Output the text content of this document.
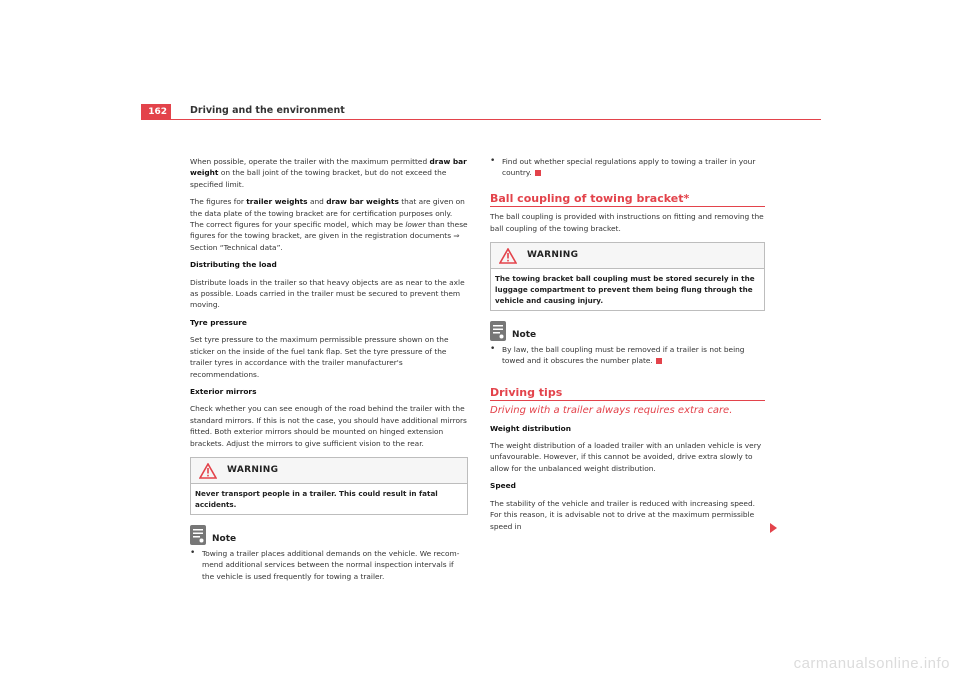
162	Driving and the environment

When possible, operate the trailer with the maximum permitted draw bar weight on the ball joint of the towing bracket, but do not exceed the specified limit.

The figures for trailer weights and draw bar weights that are given on the data plate of the towing bracket are for certification purposes only. The correct figures for your specific model, which may be lower than these figures for the towing bracket, are given in the registration documents ⇒ Section “Technical data”.

Distributing the load

Distribute loads in the trailer so that heavy objects are as near to the axle as possible. Loads carried in the trailer must be secured to prevent them moving.

Tyre pressure

Set tyre pressure to the maximum permissible pressure shown on the sticker on the inside of the fuel tank flap. Set the tyre pressure of the trailer tyres in accordance with the trailer manufacturer's recommendations.

Exterior mirrors

Check whether you can see enough of the road behind the trailer with the standard mirrors. If this is not the case, you should have additional mirrors fitted. Both exterior mirrors should be mounted on hinged extension brackets. Adjust the mirrors to give sufficient vision to the rear.

WARNING
Never transport people in a trailer. This could result in fatal accidents.
Note
• Towing a trailer places additional demands on the vehicle. We recom-mend additional services between the normal inspection intervals if the vehicle is used frequently for towing a trailer.
• Find out whether special regulations apply to towing a trailer in your country.
Ball coupling of towing bracket*

The ball coupling is provided with instructions on fitting and removing the ball coupling of the towing bracket.

WARNING
The towing bracket ball coupling must be stored securely in the luggage compartment to prevent them being flung through the vehicle and causing injury.
Note
• By law, the ball coupling must be removed if a trailer is not being towed and it obscures the number plate.
Driving tips
Driving with a trailer always requires extra care.

Weight distribution

The weight distribution of a loaded trailer with an unladen vehicle is very unfavourable. However, if this cannot be avoided, drive extra slowly to allow for the unbalanced weight distribution.

Speed

The stability of the vehicle and trailer is reduced with increasing speed. For this reason, it is advisable not to drive at the maximum permissible speed in

carmanualsonline.info
